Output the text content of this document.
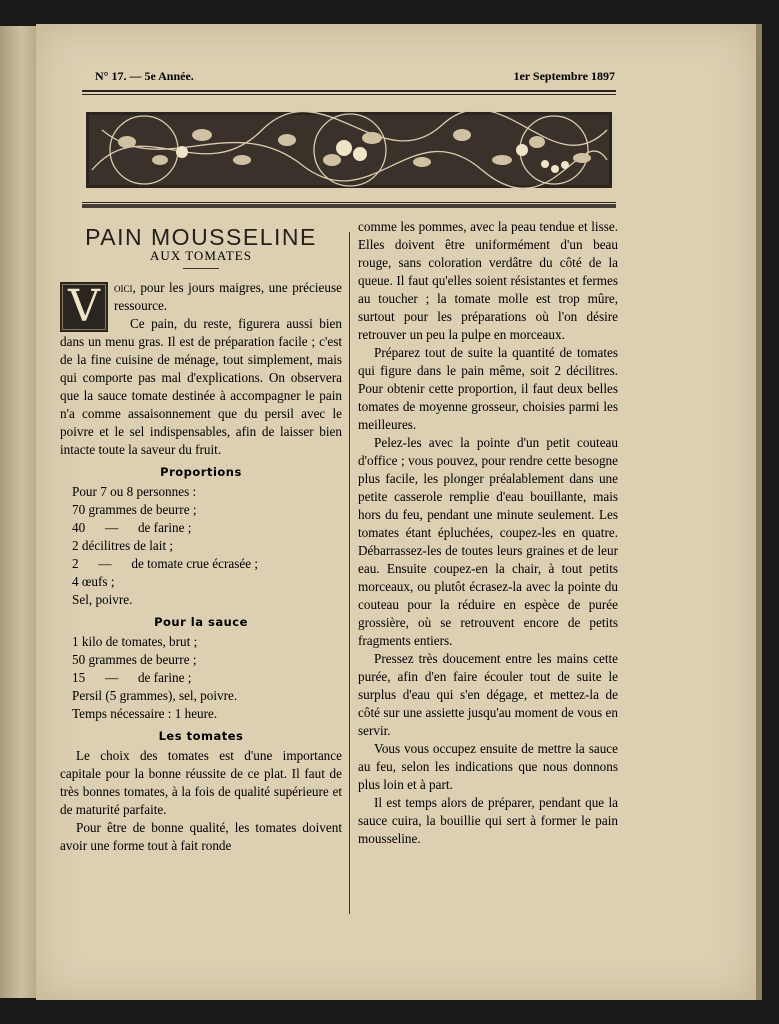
N° 17. — 5e Année.	1er Septembre 1897
PAIN MOUSSELINE
AUX TOMATES

V	oici, pour les jours maigres, une précieuse ressource.

Ce pain, du reste, figurera aussi bien dans un menu gras. Il est de préparation facile ; c'est de la fine cuisine de ménage, tout simplement, mais qui comporte pas mal d'explications. On observera que la sauce tomate destinée à accompagner le pain n'a comme assaisonnement que du persil avec le poivre et le sel indispensables, afin de laisser bien intacte toute la saveur du fruit.

Proportions

Pour 7 ou 8 personnes :

70 grammes de beurre ;

40      —      de farine ;

2 décilitres de lait ;

2      —      de tomate crue écrasée ;

4 œufs ;

Sel, poivre.

Pour la sauce

1 kilo de tomates, brut ;

50 grammes de beurre ;

15      —      de farine ;

Persil (5 grammes), sel, poivre.

Temps nécessaire : 1 heure.

Les tomates

Le choix des tomates est d'une importance capitale pour la bonne réussite de ce plat. Il faut de très bonnes tomates, à la fois de qualité supérieure et de maturité parfaite.

Pour être de bonne qualité, les tomates doivent avoir une forme tout à fait ronde

comme les pommes, avec la peau tendue et lisse. Elles doivent être uniformément d'un beau rouge, sans coloration verdâtre du côté de la queue. Il faut qu'elles soient résistantes et fermes au toucher ; la tomate molle est trop mûre, surtout pour les préparations où l'on désire retrouver un peu la pulpe en morceaux.

Préparez tout de suite la quantité de tomates qui figure dans le pain même, soit 2 décilitres. Pour obtenir cette proportion, il faut deux belles tomates de moyenne grosseur, choisies parmi les meilleures.

Pelez-les avec la pointe d'un petit couteau d'office ; vous pouvez, pour rendre cette besogne plus facile, les plonger préalablement dans une petite casserole remplie d'eau bouillante, mais hors du feu, pendant une minute seulement. Les tomates étant épluchées, coupez-les en quatre. Débarrassez-les de toutes leurs graines et de leur eau. Ensuite coupez-en la chair, à tout petits morceaux, ou plutôt écrasez-la avec la pointe du couteau pour la réduire en espèce de purée grossière, où se retrouvent encore de petits fragments entiers.

Pressez très doucement entre les mains cette purée, afin d'en faire écouler tout de suite le surplus d'eau qui s'en dégage, et mettez-la de côté sur une assiette jusqu'au moment de vous en servir.

Vous vous occupez ensuite de mettre la sauce au feu, selon les indications que nous donnons plus loin et à part.

Il est temps alors de préparer, pendant que la sauce cuira, la bouillie qui sert à former le pain mousseline.
